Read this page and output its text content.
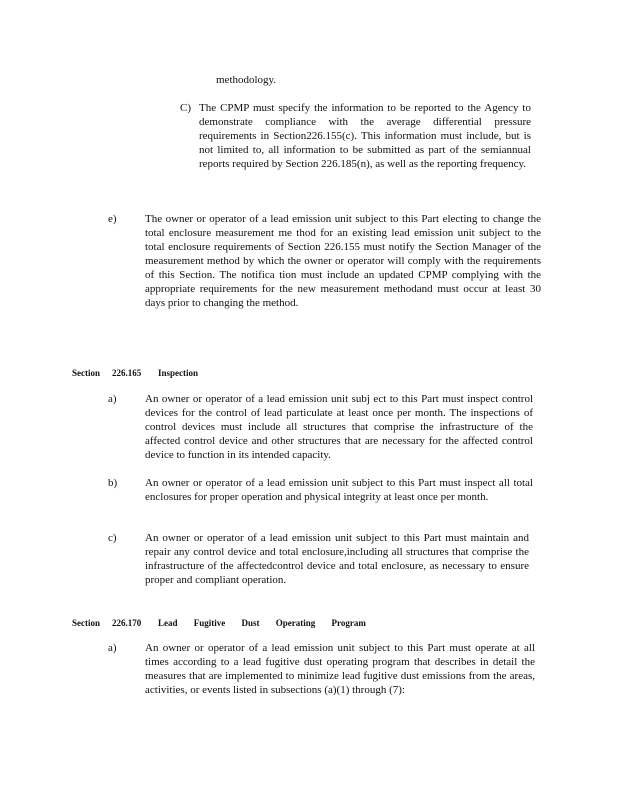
methodology.
C) The CPMP must specify the information to be reported to the Agency to demonstrate compliance with the average differential pressure requirements in Section226.155(c). This information must include, but is not limited to, all information to be submitted as part of the semiannual reports required by Section 226.185(n), as well as the reporting frequency.
e)	The owner or operator of a lead emission unit subject to this Part electing to change the total enclosure measurement me thod for an existing lead emission unit subject to the total enclosure requirements of Section 226.155 must notify the Section Manager of the measurement method by which the owner or operator will comply with the requirements of this Section. The notifica tion must include an updated CPMP complying with the appropriate requirements for the new measurement methodand must occur at least 30 days prior to changing the method.
Section 226.165 Inspection
a)	An owner or operator of a lead emission unit subj ect to this Part must inspect control devices for the control of lead particulate at least once per month. The inspections of control devices must include all structures that comprise the infrastructure of the affected control device and other structures that are necessary for the affected control device to function in its intended capacity.
b)	An owner or operator of a lead emission unit subject to this Part must inspect all total enclosures for proper operation and physical integrity at least once per month.
c)	An owner or operator of a lead emission unit subject to this Part must maintain and repair any control device and total enclosure,including all structures that comprise the infrastructure of the affectedcontrol device and total enclosure, as necessary to ensure proper and compliant operation.
Section 226.170 Lead Fugitive Dust Operating Program
a)	An owner or operator of a lead emission unit subject to this Part must operate at all times according to a lead fugitive dust operating program that describes in detail the measures that are implemented to minimize lead fugitive dust emissions from the areas, activities, or events listed in subsections (a)(1) through (7):
